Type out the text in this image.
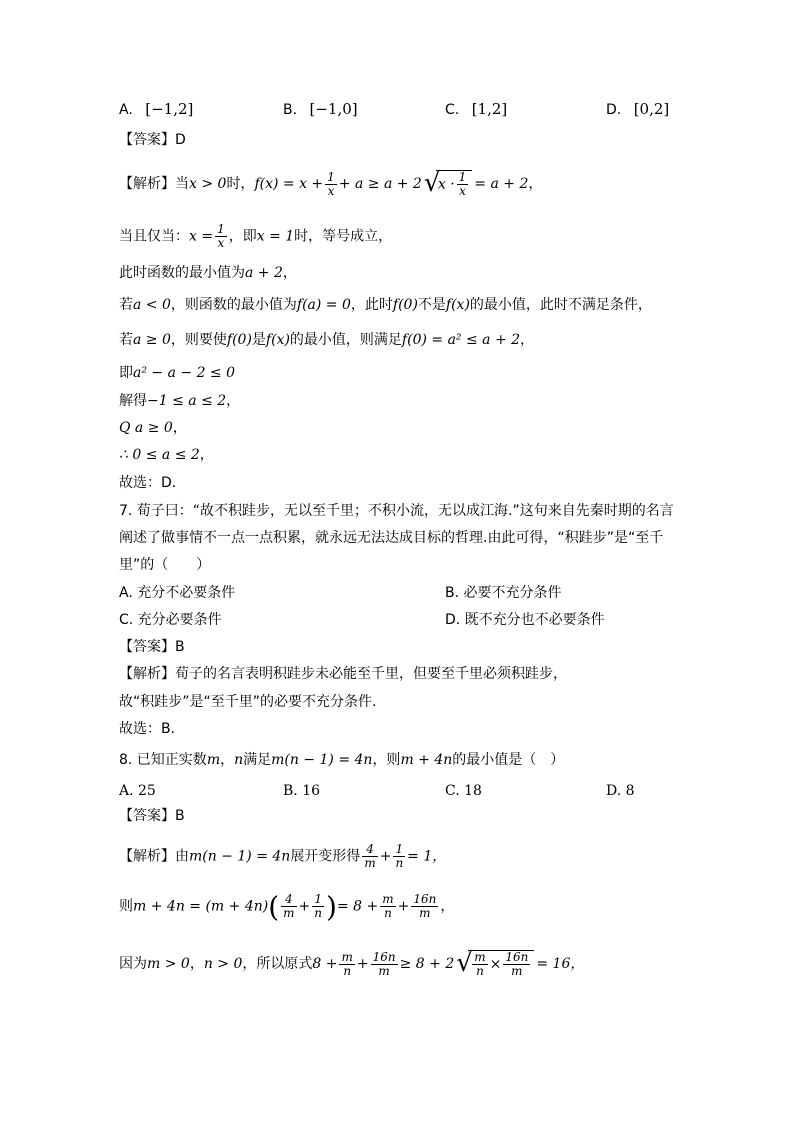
A. [−1,2]	B. [−1,0]	C. [1,2]	D. [0,2]
【答案】D
【解析】当x > 0时，$f(x) = x + \frac{1}{x} + a \ge a + 2$ √
$x \cdot \frac{1}{x} = a + 2$，
当且仅当：$x = \frac{1}{x}$ ，即x = 1时，等号成立，
此时函数的最小值为a + 2，
若a < 0，则函数的最小值为f(a) = 0，此时f(0)不是f(x)的最小值，此时不满足条件，
若a ≥ 0，则要使f(0)是f(x)的最小值，则满足f(0) = a² ≤ a + 2，
即a² − a − 2 ≤ 0
解得−1 ≤ a ≤ 2，
Q a ≥ 0，
∴ 0 ≤ a ≤ 2，
故选：D．
7. 荀子曰：“故不积跬步，无以至千里；不积小流，无以成江海.”这句来自先秦时期的名言
阐述了做事情不一点一点积累，就永远无法达成目标的哲理.由此可得，“积跬步”是“至千
里”的（　　）
A. 充分不必要条件	B. 必要不充分条件
C. 充分必要条件	D. 既不充分也不必要条件
【答案】B
【解析】荀子的名言表明积跬步未必能至千里，但要至千里必须积跬步，
故“积跬步”是“至千里”的必要不充分条件.
故选：B.
8. 已知正实数m，n满足m(n − 1) = 4n，则m + 4n的最小值是（　）
A. 25	B. 16	C. 18	D. 8
【答案】B
【解析】由m(n − 1) = 4n展开变形得 $\frac{4}{m} + \frac{1}{n} = 1$，
则$m + 4n = (m + 4n)( \frac{4}{m} + \frac{1}{n}$ )= $8 + \frac{m}{n} + \frac{16n}{m}$ ，
因为m > 0，n > 0，所以原式$8 + \frac{m}{n} + \frac{16n}{m} \ge 8 + 2$ √ $\frac{m}{n} \times \frac{16n}{m} = 16$，
